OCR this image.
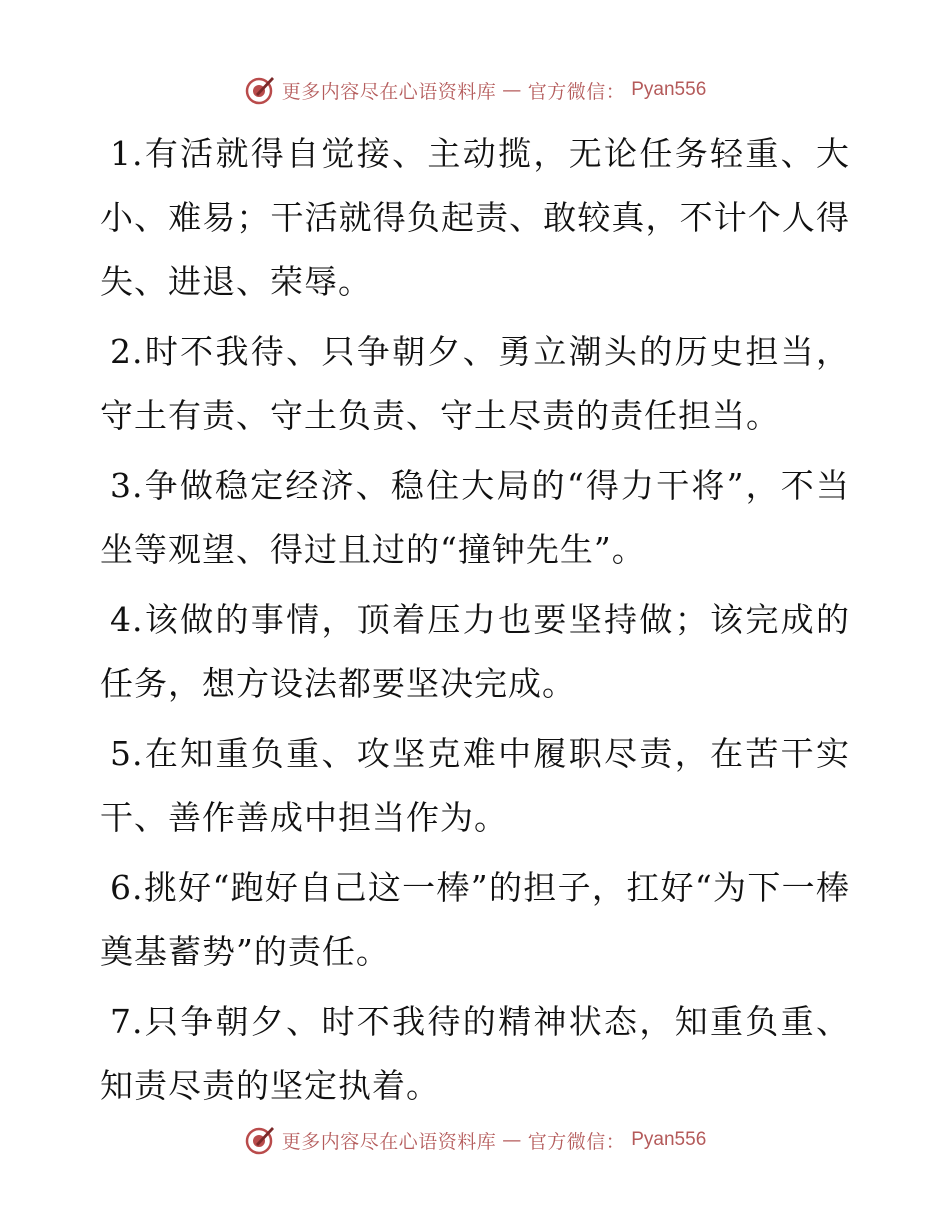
更多内容尽在心语资料库 — 官方微信： Pyan556

1.有活就得自觉接、主动揽，无论任务轻重、大小、难易；干活就得负起责、敢较真，不计个人得失、进退、荣辱。

2.时不我待、只争朝夕、勇立潮头的历史担当，守土有责、守土负责、守土尽责的责任担当。

3.争做稳定经济、稳住大局的“得力干将”，不当坐等观望、得过且过的“撞钟先生”。

4.该做的事情，顶着压力也要坚持做；该完成的任务，想方设法都要坚决完成。

5.在知重负重、攻坚克难中履职尽责，在苦干实干、善作善成中担当作为。

6.挑好“跑好自己这一棒”的担子，扛好“为下一棒奠基蓄势”的责任。

7.只争朝夕、时不我待的精神状态，知重负重、知责尽责的坚定执着。

更多内容尽在心语资料库 — 官方微信： Pyan556
